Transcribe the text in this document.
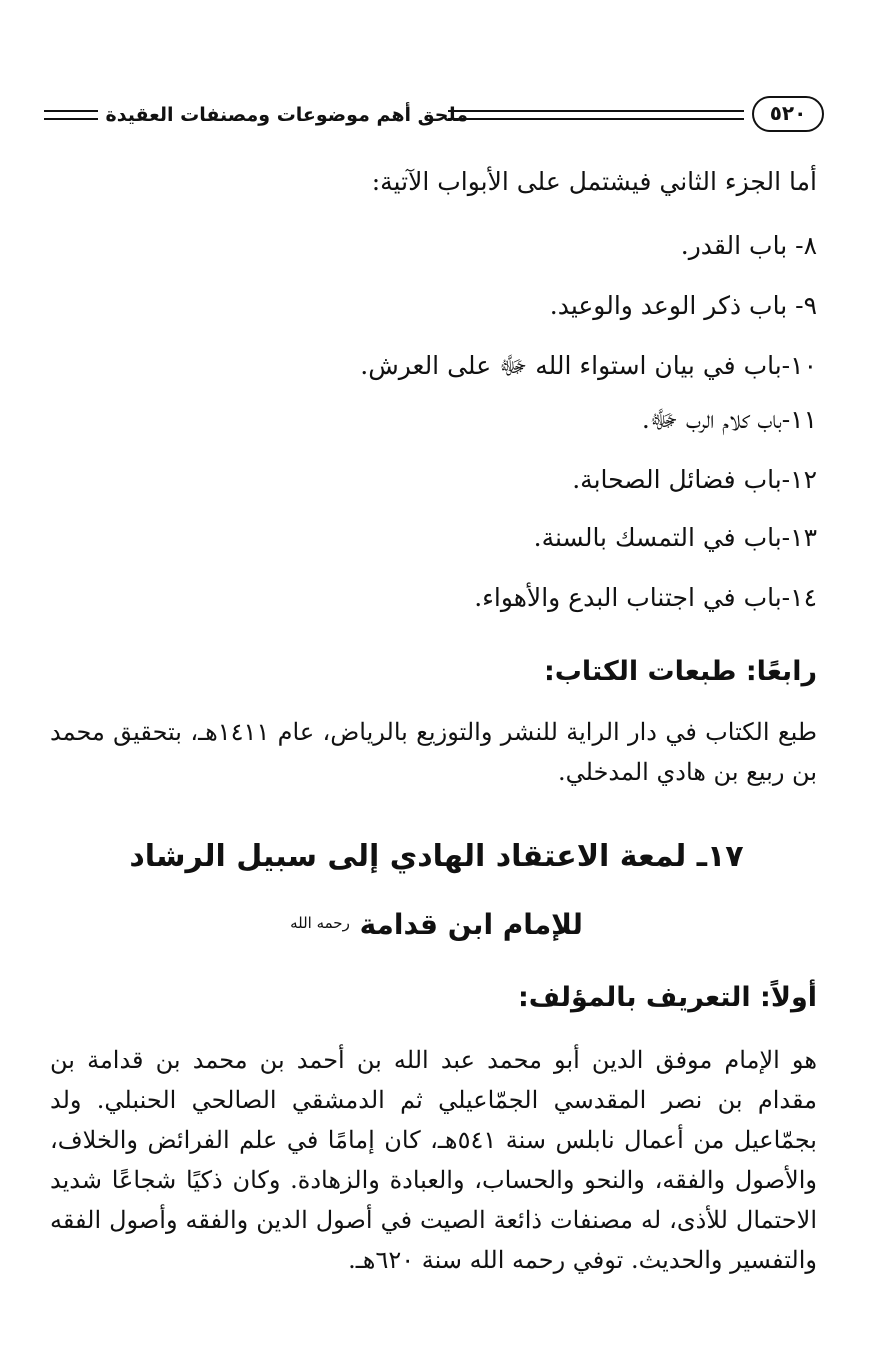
ملحق أهم موضوعات ومصنفات العقيدة	٥٢٠
أما الجزء الثاني فيشتمل على الأبواب الآتية:
٨- باب القدر.
٩- باب ذكر الوعد والوعيد.
١٠-باب في بيان استواء الله ﷻ على العرش.
١١-باب كلام الرب ﷻ.
١٢-باب فضائل الصحابة.
١٣-باب في التمسك بالسنة.
١٤-باب في اجتناب البدع والأهواء.
رابعًا: طبعات الكتاب:
طبع الكتاب في دار الراية للنشر والتوزيع بالرياض، عام ١٤١١هـ، بتحقيق محمد بن ربيع بن هادي المدخلي.
١٧ـ لمعة الاعتقاد الهادي إلى سبيل الرشاد
للإمام ابن قدامة $^{رحمه الله}$
أولاً: التعريف بالمؤلف:
هو الإمام موفق الدين أبو محمد عبد الله بن أحمد بن محمد بن قدامة بن مقدام بن نصر المقدسي الجمّاعيلي ثم الدمشقي الصالحي الحنبلي. ولد بجمّاعيل من أعمال نابلس سنة ٥٤١هـ، كان إمامًا في علم الفرائض والخلاف، والأصول والفقه، والنحو والحساب، والعبادة والزهادة. وكان ذكيًا شجاعًا شديد الاحتمال للأذى، له مصنفات ذائعة الصيت في أصول الدين والفقه وأصول الفقه والتفسير والحديث. توفي رحمه الله سنة ٦٢٠هـ.
